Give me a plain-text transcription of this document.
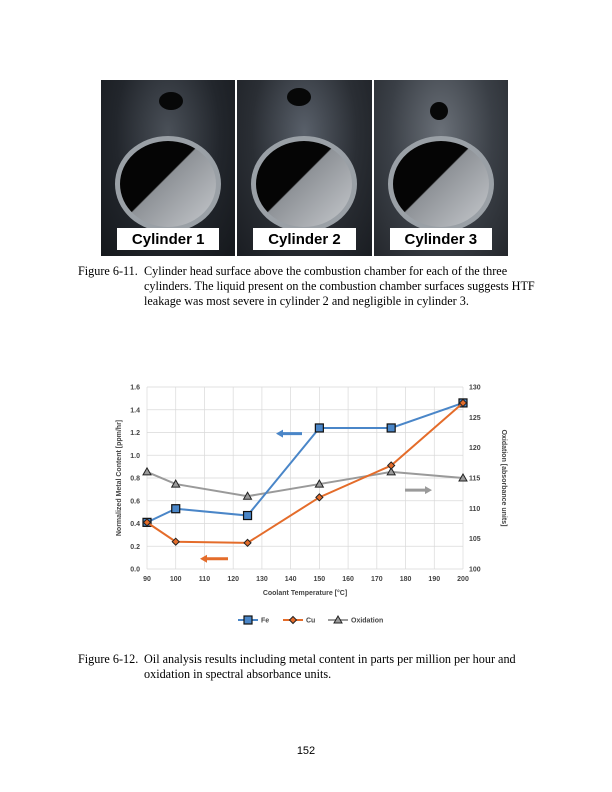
Cylinder 1	Cylinder 2	Cylinder 3
Figure 6-11. Cylinder head surface above the combustion chamber for each of the three cylinders. The liquid present on the combustion chamber surfaces suggests HTF leakage was most severe in cylinder 2 and negligible in cylinder 3.
90	100 110 120 130 140 150 160 170 180 190 200
0.0
0.2
0.4
0.6
0.8
1.0
1.2
1.4
1.6
100
105
110
115
120
125
130
Coolant Temperature [°C]
Normalized Metal Content [ppm/hr]	Oxidation [absorbance units]
Fe	Cu	Oxidation
Figure 6-12. Oil analysis results including metal content in parts per million per hour and oxidation in spectral absorbance units.
152
